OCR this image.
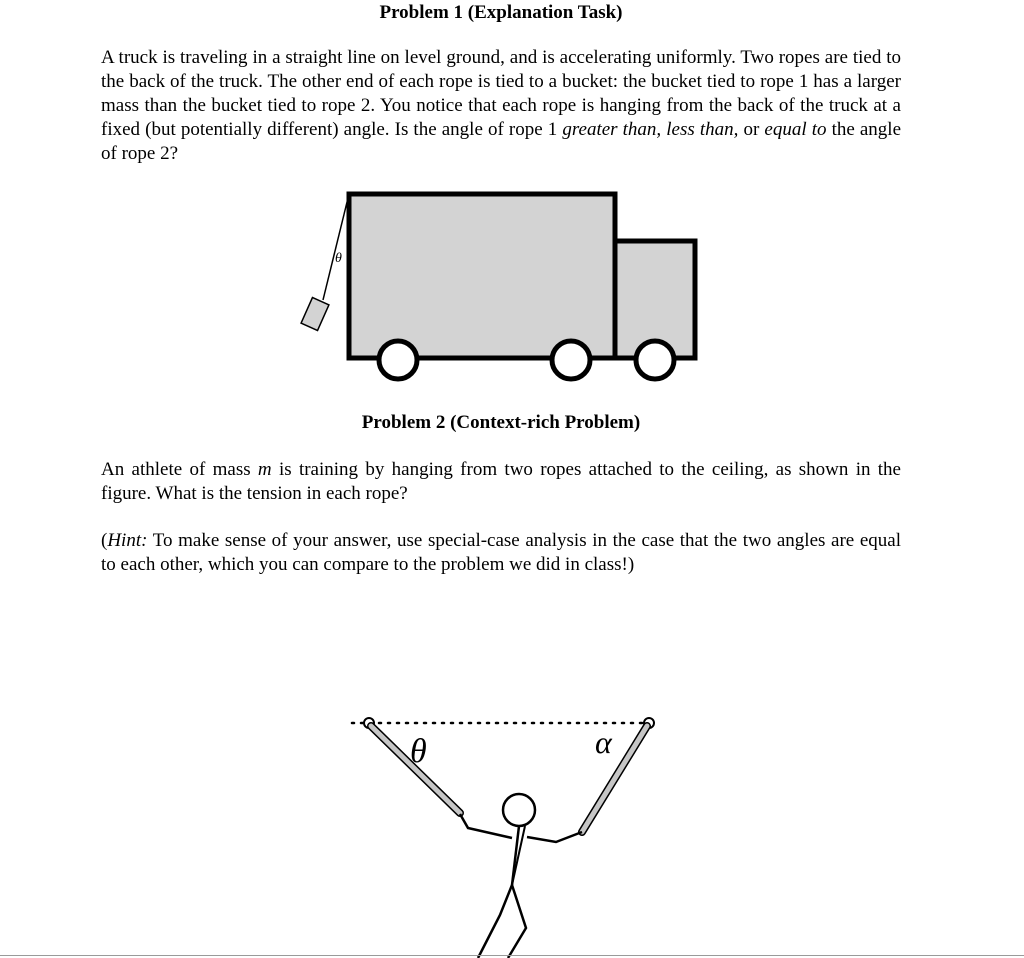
Problem 1 (Explanation Task)

A truck is traveling in a straight line on level ground, and is accelerating uniformly. Two ropes are tied to the back of the truck. The other end of each rope is tied to a bucket: the bucket tied to rope 1 has a larger mass than the bucket tied to rope 2. You notice that each rope is hanging from the back of the truck at a fixed (but potentially different) angle. Is the angle of rope 1 greater than, less than, or equal to the angle of rope 2?

θ

Problem 2 (Context-rich Problem)

An athlete of mass m is training by hanging from two ropes attached to the ceiling, as shown in the figure. What is the tension in each rope?

(Hint: To make sense of your answer, use special-case analysis in the case that the two angles are equal to each other, which you can compare to the problem we did in class!)

θ	α
